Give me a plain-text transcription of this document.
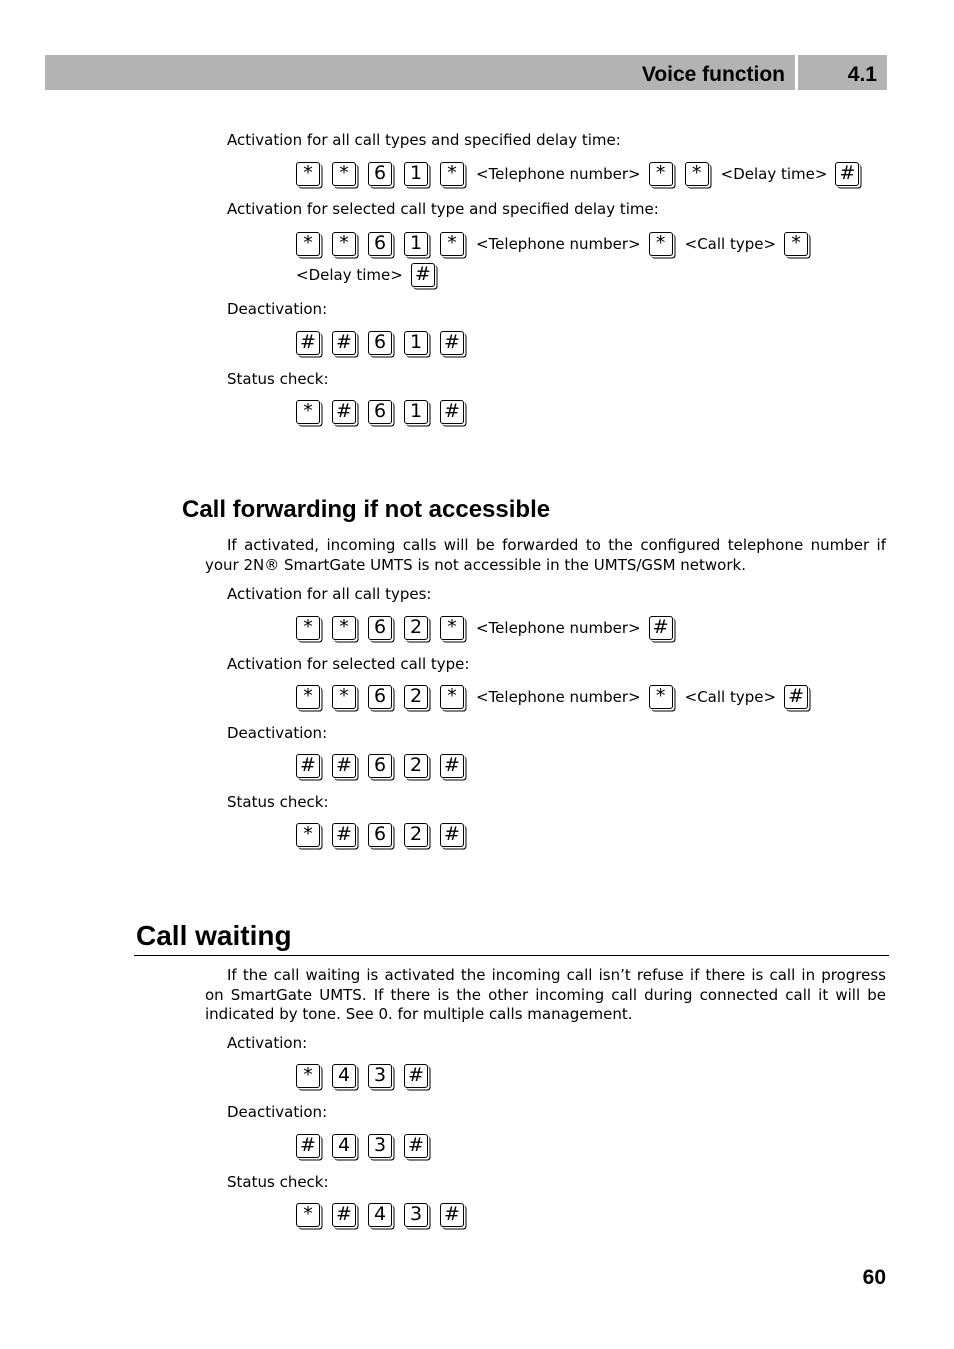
Voice function	4.1
Activation for all call types and specified delay time:
*	*	6	1	*	<Telephone number> *	*	<Delay time> #
Activation for selected call type and specified delay time:
*	*	6	1	*	<Telephone number> *	<Call type> *
<Delay time> #
Deactivation:
# #	6	1	#
Status check:
*	#	6	1	#
Call forwarding if not accessible
If activated, incoming calls will be forwarded to the configured telephone number if your 2N® SmartGate UMTS is not accessible in the UMTS/GSM network.
Activation for all call types:
*	*	6	2	*	<Telephone number> #
Activation for selected call type:
*	*	6	2	*	<Telephone number> *	<Call type> #
Deactivation:
# #	6	2	#
Status check:
*	#	6	2	#
Call waiting
If the call waiting is activated the incoming call isn’t refuse if there is call in progress on SmartGate UMTS. If there is the other incoming call during connected call it will be indicated by tone. See 0. for multiple calls management.
Activation:
*	4	3	#
Deactivation:
#	4	3	#
Status check:
*	#	4	3	#
60
